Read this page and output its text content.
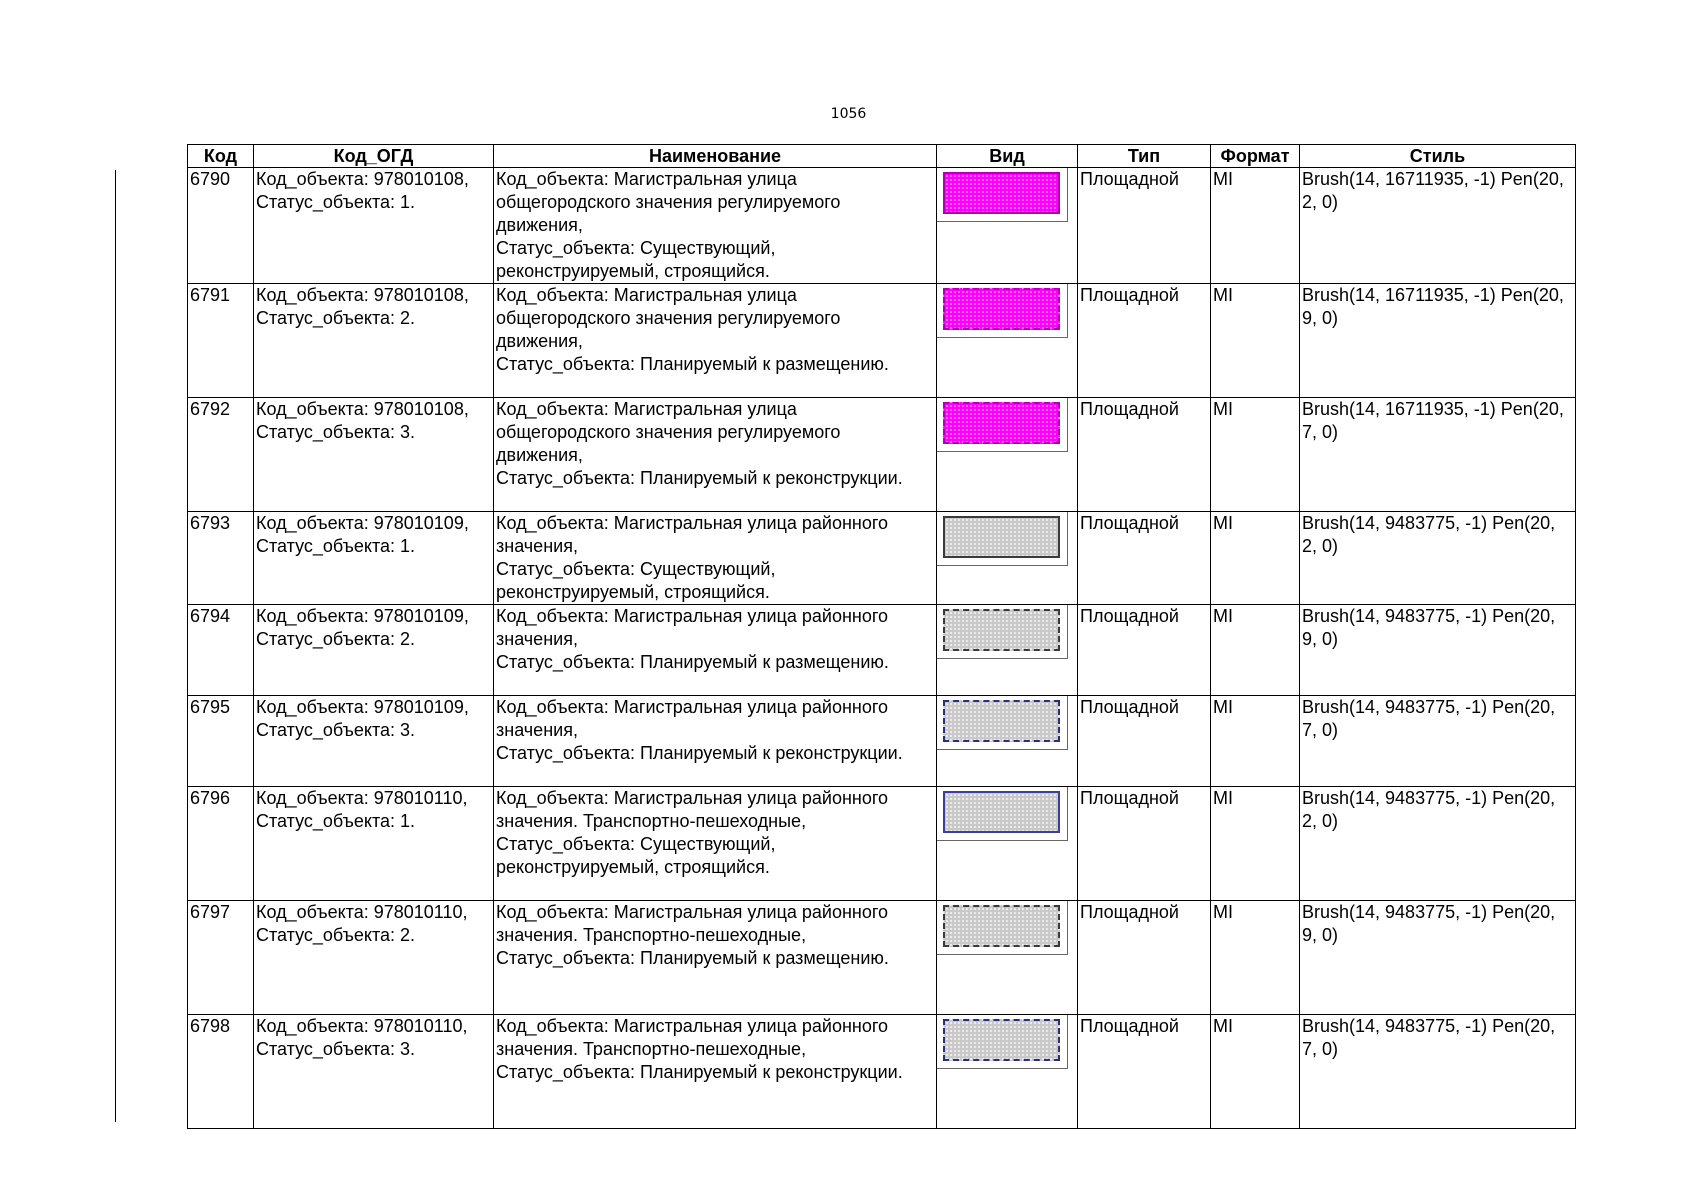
1056
Код	Код_ОГД	Наименование	Вид	Тип	Формат	Стиль
6790	Код_объекта: 978010108,
Статус_объекта: 1.	Код_объекта: Магистральная улица
общегородского значения регулируемого
движения,
Статус_объекта: Существующий,
реконструируемый, строящийся.		Площадной	MI	Brush(14, 16711935, -1) Pen(20,
2, 0)
6791	Код_объекта: 978010108,
Статус_объекта: 2.	Код_объекта: Магистральная улица
общегородского значения регулируемого
движения,
Статус_объекта: Планируемый к размещению.		Площадной	MI	Brush(14, 16711935, -1) Pen(20,
9, 0)
6792	Код_объекта: 978010108,
Статус_объекта: 3.	Код_объекта: Магистральная улица
общегородского значения регулируемого
движения,
Статус_объекта: Планируемый к реконструкции.		Площадной	MI	Brush(14, 16711935, -1) Pen(20,
7, 0)
6793	Код_объекта: 978010109,
Статус_объекта: 1.	Код_объекта: Магистральная улица районного
значения,
Статус_объекта: Существующий,
реконструируемый, строящийся.		Площадной	MI	Brush(14, 9483775, -1) Pen(20,
2, 0)
6794	Код_объекта: 978010109,
Статус_объекта: 2.	Код_объекта: Магистральная улица районного
значения,
Статус_объекта: Планируемый к размещению.		Площадной	MI	Brush(14, 9483775, -1) Pen(20,
9, 0)
6795	Код_объекта: 978010109,
Статус_объекта: 3.	Код_объекта: Магистральная улица районного
значения,
Статус_объекта: Планируемый к реконструкции.		Площадной	MI	Brush(14, 9483775, -1) Pen(20,
7, 0)
6796	Код_объекта: 978010110,
Статус_объекта: 1.	Код_объекта: Магистральная улица районного
значения. Транспортно-пешеходные,
Статус_объекта: Существующий,
реконструируемый, строящийся.		Площадной	MI	Brush(14, 9483775, -1) Pen(20,
2, 0)
6797	Код_объекта: 978010110,
Статус_объекта: 2.	Код_объекта: Магистральная улица районного
значения. Транспортно-пешеходные,
Статус_объекта: Планируемый к размещению.		Площадной	MI	Brush(14, 9483775, -1) Pen(20,
9, 0)
6798	Код_объекта: 978010110,
Статус_объекта: 3.	Код_объекта: Магистральная улица районного
значения. Транспортно-пешеходные,
Статус_объекта: Планируемый к реконструкции.		Площадной	MI	Brush(14, 9483775, -1) Pen(20,
7, 0)
